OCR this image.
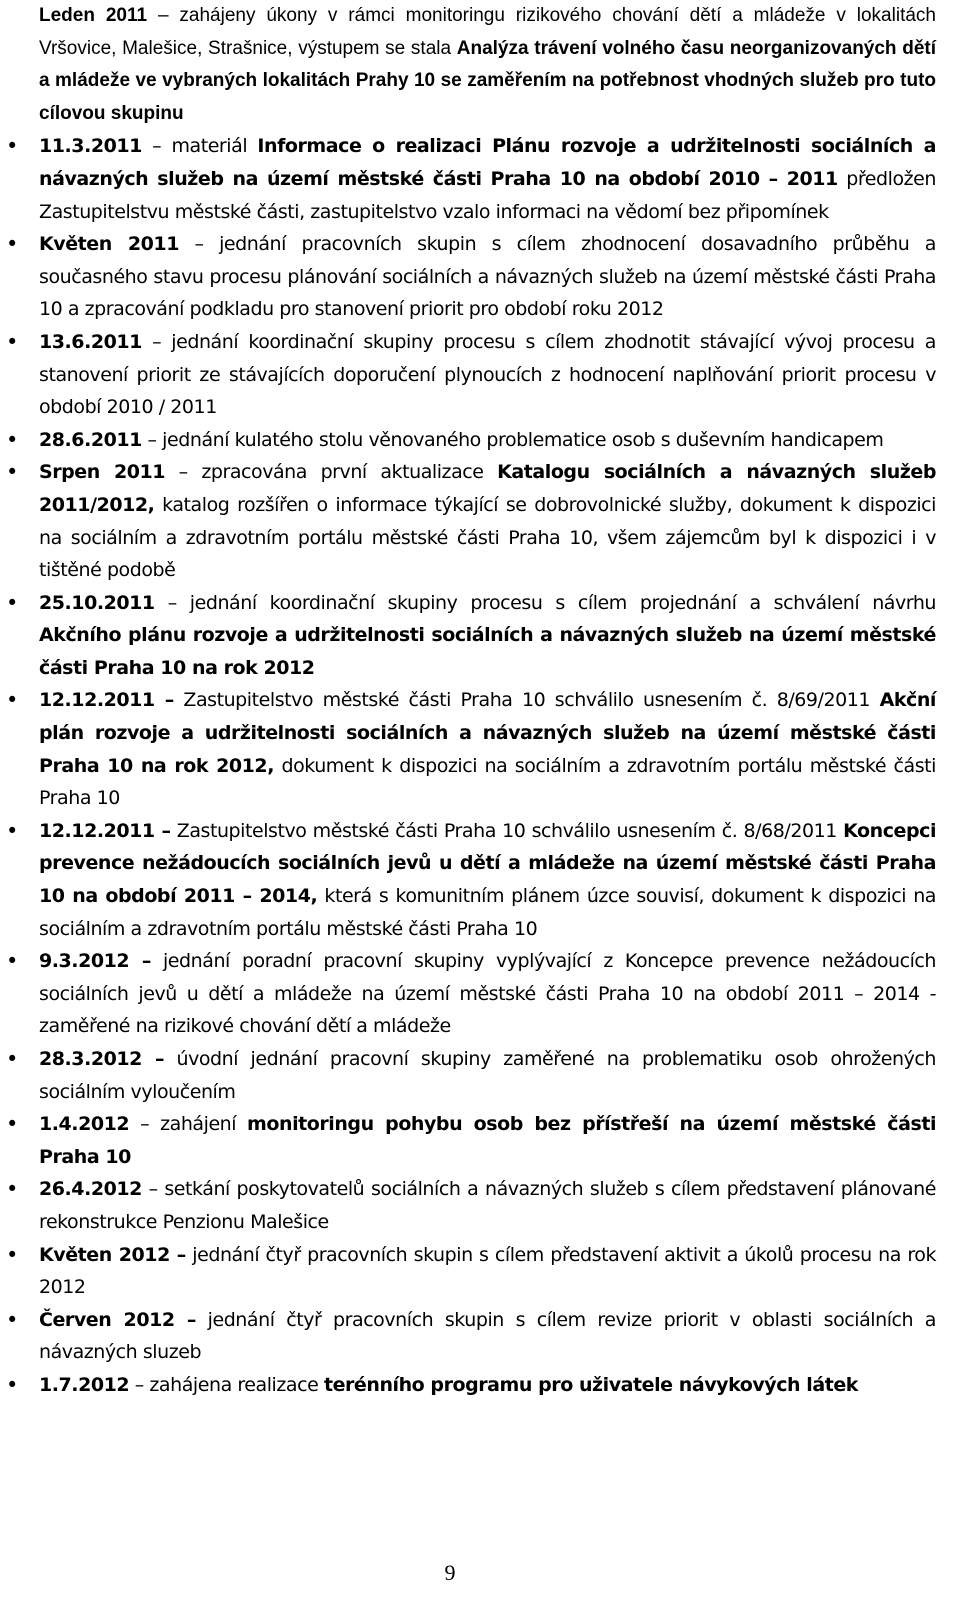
Leden 2011 – zahájeny úkony v rámci monitoringu rizikového chování dětí a mládeže v lokalitách Vršovice, Malešice, Strašnice, výstupem se stala Analýza trávení volného času neorganizovaných dětí a mládeže ve vybraných lokalitách Prahy 10 se zaměřením na potřebnost vhodných služeb pro tuto cílovou skupinu
•
11.3.2011 – materiál Informace o realizaci Plánu rozvoje a udržitelnosti sociálních a návazných služeb na území městské části Praha 10 na období 2010 – 2011 předložen Zastupitelstvu městské části, zastupitelstvo vzalo informaci na vědomí bez připomínek
•
Květen 2011 – jednání pracovních skupin s cílem zhodnocení dosavadního průběhu a současného stavu procesu plánování sociálních a návazných služeb na území městské části Praha 10 a zpracování podkladu pro stanovení priorit pro období roku 2012
•
13.6.2011 – jednání koordinační skupiny procesu s cílem zhodnotit stávající vývoj procesu a stanovení priorit ze stávajících doporučení plynoucích z hodnocení naplňování priorit procesu v období 2010 / 2011
•
28.6.2011 – jednání kulatého stolu věnovaného problematice osob s duševním handicapem
•
Srpen 2011 – zpracována první aktualizace Katalogu sociálních a návazných služeb 2011/2012, katalog rozšířen o informace týkající se dobrovolnické služby, dokument k dispozici na sociálním a zdravotním portálu městské části Praha 10, všem zájemcům byl k dispozici i v tištěné podobě
•
25.10.2011 – jednání koordinační skupiny procesu s cílem projednání a schválení návrhu Akčního plánu rozvoje a udržitelnosti sociálních a návazných služeb na území městské části Praha 10 na rok 2012
•
12.12.2011 – Zastupitelstvo městské části Praha 10 schválilo usnesením č. 8/69/2011 Akční plán rozvoje a udržitelnosti sociálních a návazných služeb na území městské části Praha 10 na rok 2012, dokument k dispozici na sociálním a zdravotním portálu městské části Praha 10
•
12.12.2011 – Zastupitelstvo městské části Praha 10 schválilo usnesením č. 8/68/2011 Koncepci prevence nežádoucích sociálních jevů u dětí a mládeže na území městské části Praha 10 na období 2011 – 2014, která s komunitním plánem úzce souvisí, dokument k dispozici na sociálním a zdravotním portálu městské části Praha 10
•
9.3.2012 – jednání poradní pracovní skupiny vyplývající z Koncepce prevence nežádoucích sociálních jevů u dětí a mládeže na území městské části Praha 10 na období 2011 – 2014 - zaměřené na rizikové chování dětí a mládeže
•
28.3.2012 – úvodní jednání pracovní skupiny zaměřené na problematiku osob ohrožených sociálním vyloučením
•
1.4.2012 – zahájení monitoringu pohybu osob bez přístřeší na území městské části Praha 10
•
26.4.2012 – setkání poskytovatelů sociálních a návazných služeb s cílem představení plánované rekonstrukce Penzionu Malešice
•
Květen 2012 – jednání čtyř pracovních skupin s cílem představení aktivit a úkolů procesu na rok 2012
•
Červen 2012 – jednání čtyř pracovních skupin s cílem revize priorit v oblasti sociálních a návazných sluzeb
•
1.7.2012 – zahájena realizace terénního programu pro uživatele návykových látek
9
